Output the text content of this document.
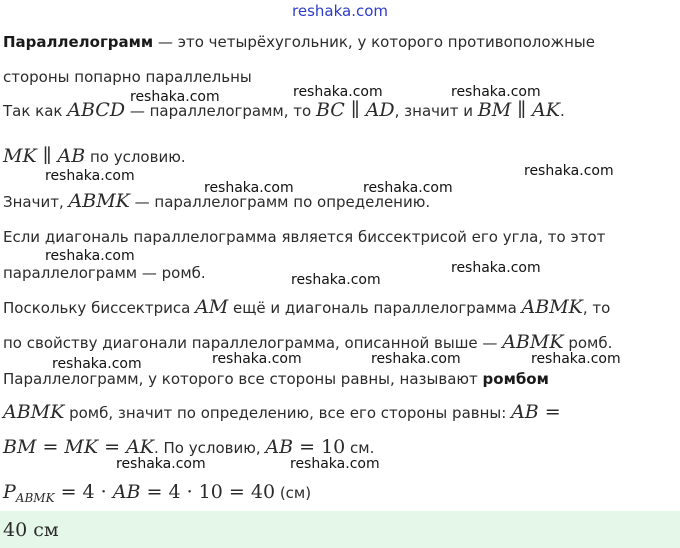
reshaka.com
Параллелограмм — это четырёхугольник, у которого противоположные
стороны попарно параллельны
Так как ABCD — параллелограмм, то BC ∥ AD, значит и BM ∥ AK.
MK ∥ AB по условию.
Значит, ABMK — параллелограмм по определению.
Если диагональ параллелограмма является биссектрисой его угла, то этот
параллелограмм — ромб.
Поскольку биссектриса AM ещё и диагональ параллелограмма ABMK, то
по свойству диагонали параллелограмма, описанной выше — ABMK ромб.
Параллелограмм, у которого все стороны равны, называют ромбом
ABMK ромб, значит по определению, все его стороны равны: AB =
BM = MK = AK. По условию, AB = 10 см.
$P_{ABMK} = 4$ · AB = 4 · 10 = 40 (см)
reshaka.com	reshaka.com	reshaka.com
reshaka.com
reshaka.com	reshaka.com
reshaka.com
reshaka.com
reshaka.com
reshaka.com
reshaka.com	reshaka.com	reshaka.com	reshaka.com
reshaka.com	reshaka.com
40 см
